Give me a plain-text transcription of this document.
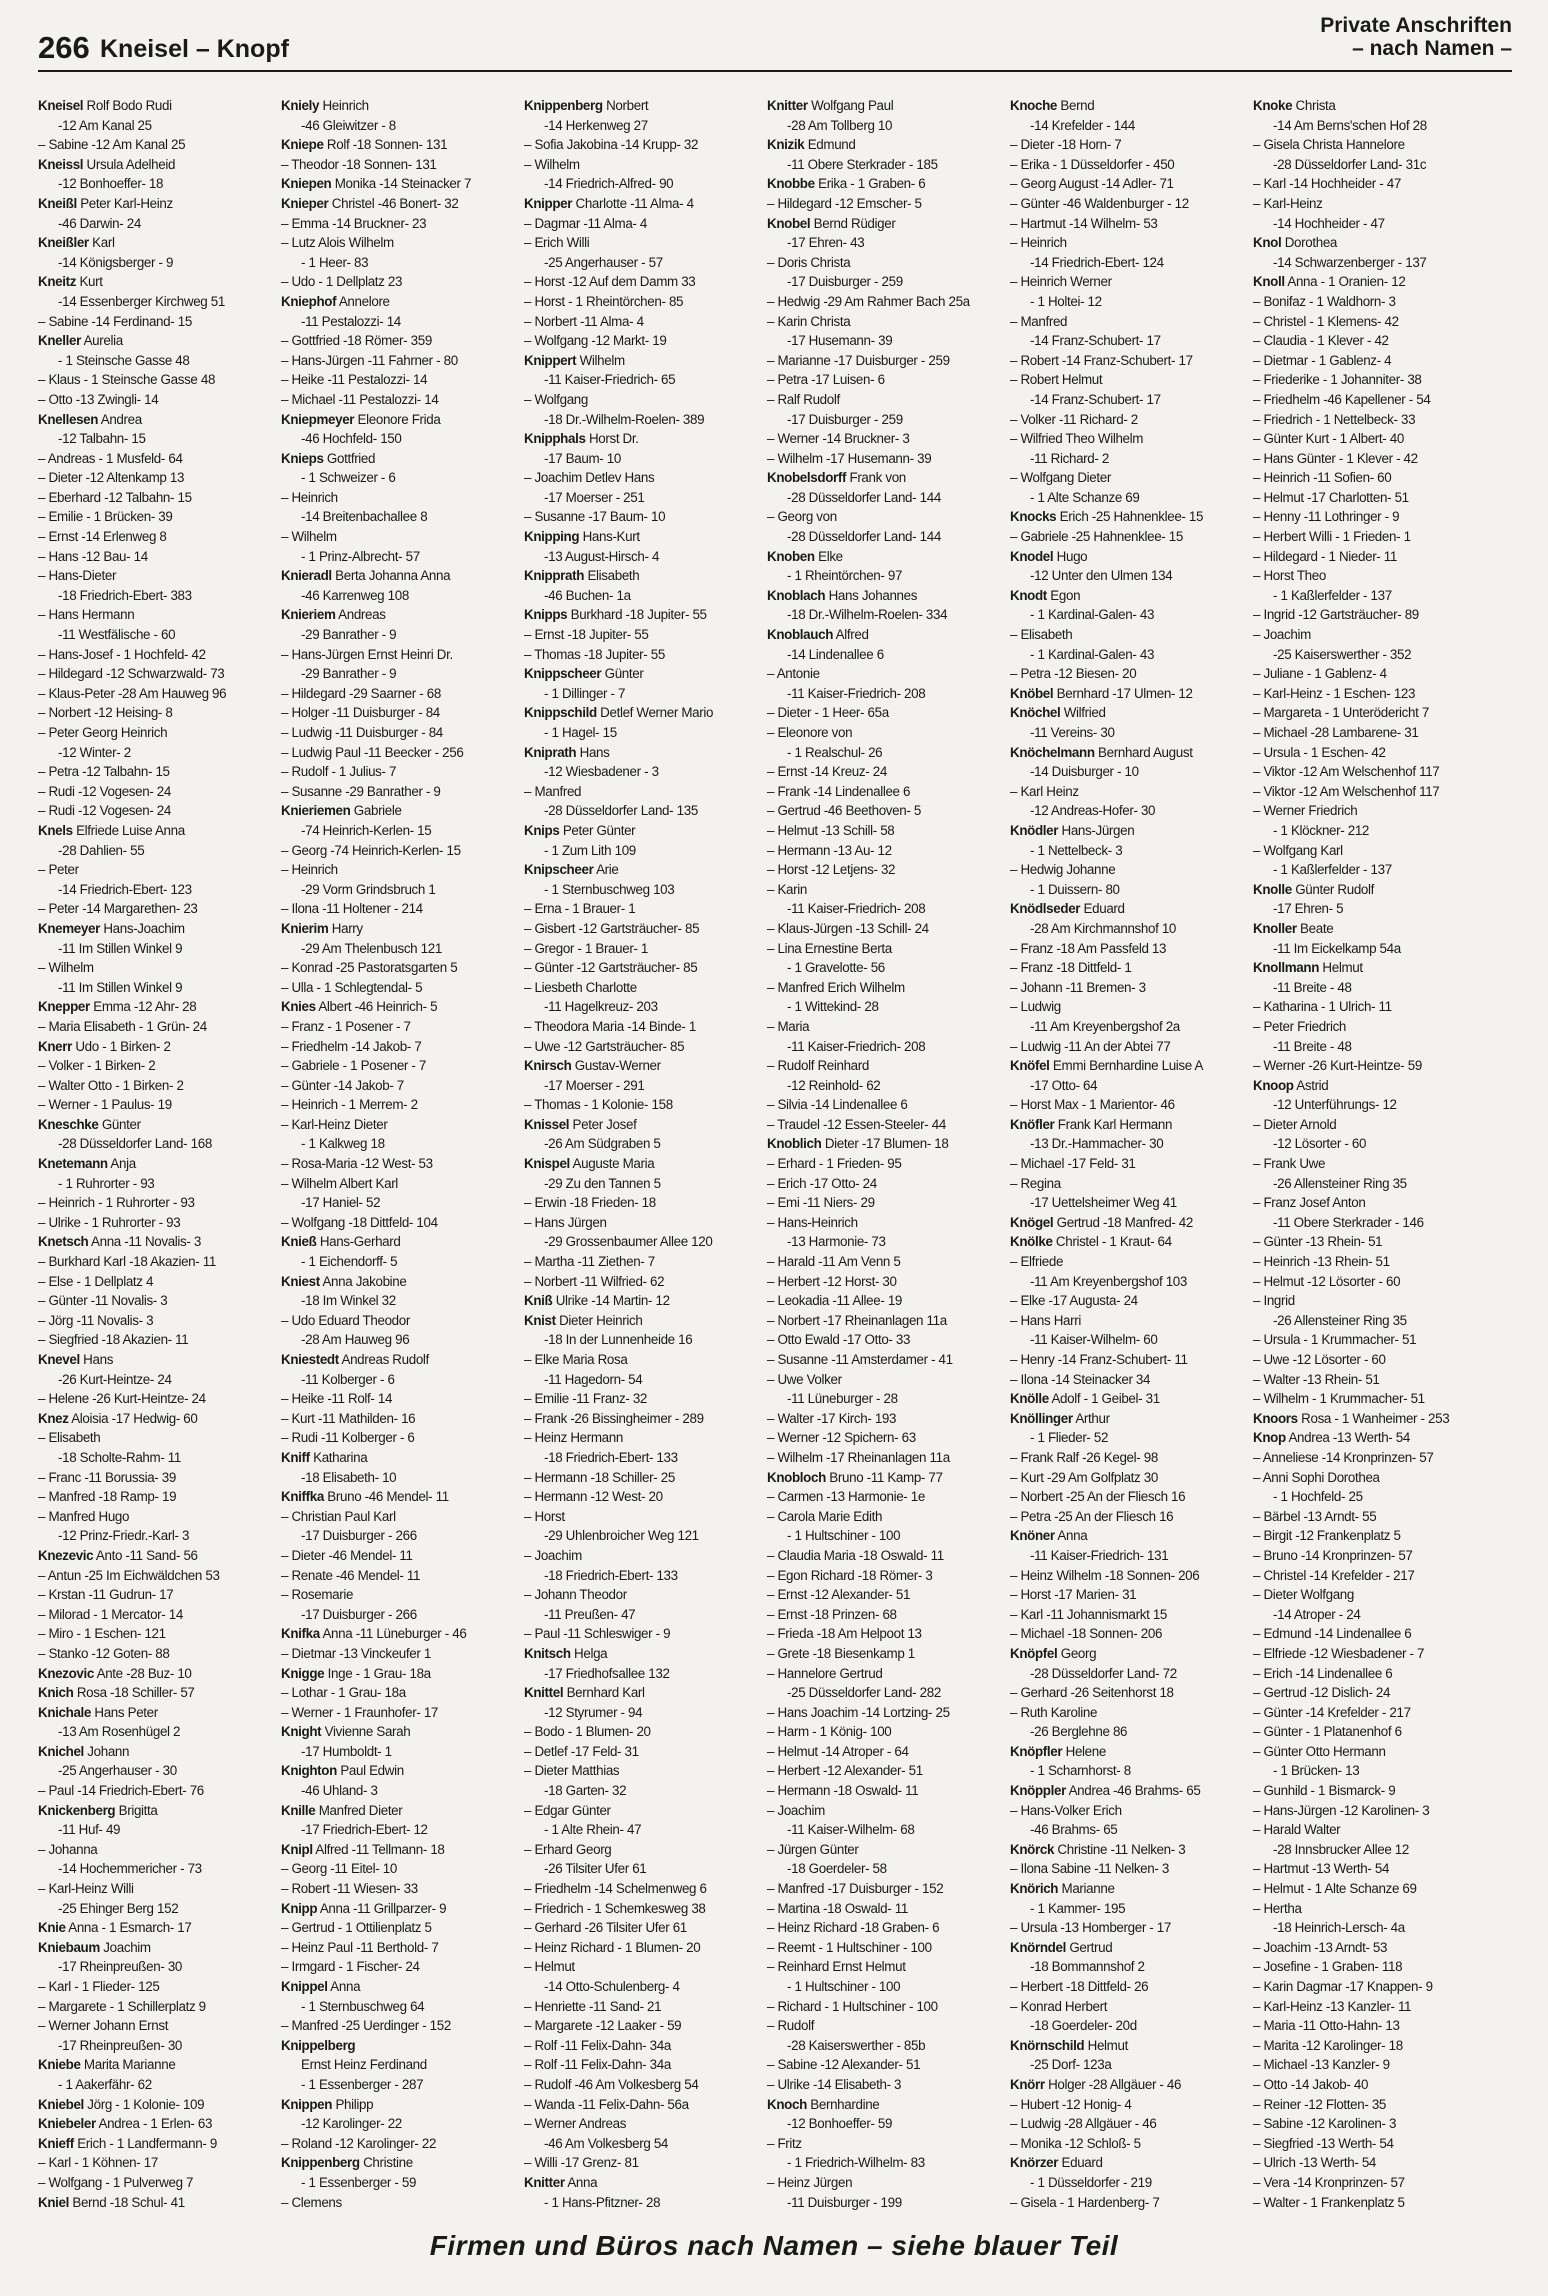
266 Kneisel – Knopf
Private Anschriften
– nach Namen –
Kneisel Rolf Bodo Rudi
-12 Am Kanal 25
– Sabine -12 Am Kanal 25
Kneissl Ursula Adelheid
-12 Bonhoeffer- 18
Kneißl Peter Karl-Heinz
-46 Darwin- 24
Kneißler Karl
-14 Königsberger - 9
Kneitz Kurt
-14 Essenberger Kirchweg 51
– Sabine -14 Ferdinand- 15
Kneller Aurelia
- 1 Steinsche Gasse 48
– Klaus - 1 Steinsche Gasse 48
– Otto -13 Zwingli- 14
Knellesen Andrea
-12 Talbahn- 15
– Andreas - 1 Musfeld- 64
– Dieter -12 Altenkamp 13
– Eberhard -12 Talbahn- 15
– Emilie - 1 Brücken- 39
– Ernst -14 Erlenweg 8
– Hans -12 Bau- 14
– Hans-Dieter
-18 Friedrich-Ebert- 383
– Hans Hermann
-11 Westfälische - 60
– Hans-Josef - 1 Hochfeld- 42
– Hildegard -12 Schwarzwald- 73
– Klaus-Peter -28 Am Hauweg 96
– Norbert -12 Heising- 8
– Peter Georg Heinrich
-12 Winter- 2
– Petra -12 Talbahn- 15
– Rudi -12 Vogesen- 24
– Rudi -12 Vogesen- 24
Knels Elfriede Luise Anna
-28 Dahlien- 55
– Peter
-14 Friedrich-Ebert- 123
– Peter -14 Margarethen- 23
Knemeyer Hans-Joachim
-11 Im Stillen Winkel 9
– Wilhelm
-11 Im Stillen Winkel 9
Knepper Emma -12 Ahr- 28
– Maria Elisabeth - 1 Grün- 24
Knerr Udo - 1 Birken- 2
– Volker - 1 Birken- 2
– Walter Otto - 1 Birken- 2
– Werner - 1 Paulus- 19
Kneschke Günter
-28 Düsseldorfer Land- 168
Knetemann Anja
- 1 Ruhrorter - 93
– Heinrich - 1 Ruhrorter - 93
– Ulrike - 1 Ruhrorter - 93
Knetsch Anna -11 Novalis- 3
– Burkhard Karl -18 Akazien- 11
– Else - 1 Dellplatz 4
– Günter -11 Novalis- 3
– Jörg -11 Novalis- 3
– Siegfried -18 Akazien- 11
Knevel Hans
-26 Kurt-Heintze- 24
– Helene -26 Kurt-Heintze- 24
Knez Aloisia -17 Hedwig- 60
– Elisabeth
-18 Scholte-Rahm- 11
– Franc -11 Borussia- 39
– Manfred -18 Ramp- 19
– Manfred Hugo
-12 Prinz-Friedr.-Karl- 3
Knezevic Anto -11 Sand- 56
– Antun -25 Im Eichwäldchen 53
– Krstan -11 Gudrun- 17
– Milorad - 1 Mercator- 14
– Miro - 1 Eschen- 121
– Stanko -12 Goten- 88
Knezovic Ante -28 Buz- 10
Knich Rosa -18 Schiller- 57
Knichale Hans Peter
-13 Am Rosenhügel 2
Knichel Johann
-25 Angerhauser - 30
– Paul -14 Friedrich-Ebert- 76
Knickenberg Brigitta
-11 Huf- 49
– Johanna
-14 Hochemmericher - 73
– Karl-Heinz Willi
-25 Ehinger Berg 152
Knie Anna - 1 Esmarch- 17
Kniebaum Joachim
-17 Rheinpreußen- 30
– Karl - 1 Flieder- 125
– Margarete - 1 Schillerplatz 9
– Werner Johann Ernst
-17 Rheinpreußen- 30
Kniebe Marita Marianne
- 1 Aakerfähr- 62
Kniebel Jörg - 1 Kolonie- 109
Kniebeler Andrea - 1 Erlen- 63
Knieff Erich - 1 Landfermann- 9
– Karl - 1 Köhnen- 17
– Wolfgang - 1 Pulverweg 7
Kniel Bernd -18 Schul- 41
Kniely Heinrich
-46 Gleiwitzer - 8
Kniepe Rolf -18 Sonnen- 131
– Theodor -18 Sonnen- 131
Kniepen Monika -14 Steinacker 7
Knieper Christel -46 Bonert- 32
– Emma -14 Bruckner- 23
– Lutz Alois Wilhelm
- 1 Heer- 83
– Udo - 1 Dellplatz 23
Kniephof Annelore
-11 Pestalozzi- 14
– Gottfried -18 Römer- 359
– Hans-Jürgen -11 Fahrner - 80
– Heike -11 Pestalozzi- 14
– Michael -11 Pestalozzi- 14
Kniepmeyer Eleonore Frida
-46 Hochfeld- 150
Knieps Gottfried
- 1 Schweizer - 6
– Heinrich
-14 Breitenbachallee 8
– Wilhelm
- 1 Prinz-Albrecht- 57
Knieradl Berta Johanna Anna
-46 Karrenweg 108
Knieriem Andreas
-29 Banrather - 9
– Hans-Jürgen Ernst Heinri Dr.
-29 Banrather - 9
– Hildegard -29 Saarner - 68
– Holger -11 Duisburger - 84
– Ludwig -11 Duisburger - 84
– Ludwig Paul -11 Beecker - 256
– Rudolf - 1 Julius- 7
– Susanne -29 Banrather - 9
Knieriemen Gabriele
-74 Heinrich-Kerlen- 15
– Georg -74 Heinrich-Kerlen- 15
– Heinrich
-29 Vorm Grindsbruch 1
– Ilona -11 Holtener - 214
Knierim Harry
-29 Am Thelenbusch 121
– Konrad -25 Pastoratsgarten 5
– Ulla - 1 Schlegtendal- 5
Knies Albert -46 Heinrich- 5
– Franz - 1 Posener - 7
– Friedhelm -14 Jakob- 7
– Gabriele - 1 Posener - 7
– Günter -14 Jakob- 7
– Heinrich - 1 Merrem- 2
– Karl-Heinz Dieter
- 1 Kalkweg 18
– Rosa-Maria -12 West- 53
– Wilhelm Albert Karl
-17 Haniel- 52
– Wolfgang -18 Dittfeld- 104
Knieß Hans-Gerhard
- 1 Eichendorff- 5
Kniest Anna Jakobine
-18 Im Winkel 32
– Udo Eduard Theodor
-28 Am Hauweg 96
Kniestedt Andreas Rudolf
-11 Kolberger - 6
– Heike -11 Rolf- 14
– Kurt -11 Mathilden- 16
– Rudi -11 Kolberger - 6
Kniff Katharina
-18 Elisabeth- 10
Kniffka Bruno -46 Mendel- 11
– Christian Paul Karl
-17 Duisburger - 266
– Dieter -46 Mendel- 11
– Renate -46 Mendel- 11
– Rosemarie
-17 Duisburger - 266
Knifka Anna -11 Lüneburger - 46
– Dietmar -13 Vinckeufer 1
Knigge Inge - 1 Grau- 18a
– Lothar - 1 Grau- 18a
– Werner - 1 Fraunhofer- 17
Knight Vivienne Sarah
-17 Humboldt- 1
Knighton Paul Edwin
-46 Uhland- 3
Knille Manfred Dieter
-17 Friedrich-Ebert- 12
Knipl Alfred -11 Tellmann- 18
– Georg -11 Eitel- 10
– Robert -11 Wiesen- 33
Knipp Anna -11 Grillparzer- 9
– Gertrud - 1 Ottilienplatz 5
– Heinz Paul -11 Berthold- 7
– Irmgard - 1 Fischer- 24
Knippel Anna
- 1 Sternbuschweg 64
– Manfred -25 Uerdinger - 152
Knippelberg
Ernst Heinz Ferdinand
- 1 Essenberger - 287
Knippen Philipp
-12 Karolinger- 22
– Roland -12 Karolinger- 22
Knippenberg Christine
- 1 Essenberger - 59
– Clemens
Knippenberg Norbert
-14 Herkenweg 27
– Sofia Jakobina -14 Krupp- 32
– Wilhelm
-14 Friedrich-Alfred- 90
Knipper Charlotte -11 Alma- 4
– Dagmar -11 Alma- 4
– Erich Willi
-25 Angerhauser - 57
– Horst -12 Auf dem Damm 33
– Horst - 1 Rheintörchen- 85
– Norbert -11 Alma- 4
– Wolfgang -12 Markt- 19
Knippert Wilhelm
-11 Kaiser-Friedrich- 65
– Wolfgang
-18 Dr.-Wilhelm-Roelen- 389
Knipphals Horst Dr.
-17 Baum- 10
– Joachim Detlev Hans
-17 Moerser - 251
– Susanne -17 Baum- 10
Knipping Hans-Kurt
-13 August-Hirsch- 4
Knipprath Elisabeth
-46 Buchen- 1a
Knipps Burkhard -18 Jupiter- 55
– Ernst -18 Jupiter- 55
– Thomas -18 Jupiter- 55
Knippscheer Günter
- 1 Dillinger - 7
Knippschild Detlef Werner Mario
- 1 Hagel- 15
Kniprath Hans
-12 Wiesbadener - 3
– Manfred
-28 Düsseldorfer Land- 135
Knips Peter Günter
- 1 Zum Lith 109
Knipscheer Arie
- 1 Sternbuschweg 103
– Erna - 1 Brauer- 1
– Gisbert -12 Gartsträucher- 85
– Gregor - 1 Brauer- 1
– Günter -12 Gartsträucher- 85
– Liesbeth Charlotte
-11 Hagelkreuz- 203
– Theodora Maria -14 Binde- 1
– Uwe -12 Gartsträucher- 85
Knirsch Gustav-Werner
-17 Moerser - 291
– Thomas - 1 Kolonie- 158
Knissel Peter Josef
-26 Am Südgraben 5
Knispel Auguste Maria
-29 Zu den Tannen 5
– Erwin -18 Frieden- 18
– Hans Jürgen
-29 Grossenbaumer Allee 120
– Martha -11 Ziethen- 7
– Norbert -11 Wilfried- 62
Kniß Ulrike -14 Martin- 12
Knist Dieter Heinrich
-18 In der Lunnenheide 16
– Elke Maria Rosa
-11 Hagedorn- 54
– Emilie -11 Franz- 32
– Frank -26 Bissingheimer - 289
– Heinz Hermann
-18 Friedrich-Ebert- 133
– Hermann -18 Schiller- 25
– Hermann -12 West- 20
– Horst
-29 Uhlenbroicher Weg 121
– Joachim
-18 Friedrich-Ebert- 133
– Johann Theodor
-11 Preußen- 47
– Paul -11 Schleswiger - 9
Knitsch Helga
-17 Friedhofsallee 132
Knittel Bernhard Karl
-12 Styrumer - 94
– Bodo - 1 Blumen- 20
– Detlef -17 Feld- 31
– Dieter Matthias
-18 Garten- 32
– Edgar Günter
- 1 Alte Rhein- 47
– Erhard Georg
-26 Tilsiter Ufer 61
– Friedhelm -14 Schelmenweg 6
– Friedrich - 1 Schemkesweg 38
– Gerhard -26 Tilsiter Ufer 61
– Heinz Richard - 1 Blumen- 20
– Helmut
-14 Otto-Schulenberg- 4
– Henriette -11 Sand- 21
– Margarete -12 Laaker - 59
– Rolf -11 Felix-Dahn- 34a
– Rolf -11 Felix-Dahn- 34a
– Rudolf -46 Am Volkesberg 54
– Wanda -11 Felix-Dahn- 56a
– Werner Andreas
-46 Am Volkesberg 54
– Willi -17 Grenz- 81
Knitter Anna
- 1 Hans-Pfitzner- 28
Knitter Wolfgang Paul
-28 Am Tollberg 10
Knizik Edmund
-11 Obere Sterkrader - 185
Knobbe Erika - 1 Graben- 6
– Hildegard -12 Emscher- 5
Knobel Bernd Rüdiger
-17 Ehren- 43
– Doris Christa
-17 Duisburger - 259
– Hedwig -29 Am Rahmer Bach 25a
– Karin Christa
-17 Husemann- 39
– Marianne -17 Duisburger - 259
– Petra -17 Luisen- 6
– Ralf Rudolf
-17 Duisburger - 259
– Werner -14 Bruckner- 3
– Wilhelm -17 Husemann- 39
Knobelsdorff Frank von
-28 Düsseldorfer Land- 144
– Georg von
-28 Düsseldorfer Land- 144
Knoben Elke
- 1 Rheintörchen- 97
Knoblach Hans Johannes
-18 Dr.-Wilhelm-Roelen- 334
Knoblauch Alfred
-14 Lindenallee 6
– Antonie
-11 Kaiser-Friedrich- 208
– Dieter - 1 Heer- 65a
– Eleonore von
- 1 Realschul- 26
– Ernst -14 Kreuz- 24
– Frank -14 Lindenallee 6
– Gertrud -46 Beethoven- 5
– Helmut -13 Schill- 58
– Hermann -13 Au- 12
– Horst -12 Letjens- 32
– Karin
-11 Kaiser-Friedrich- 208
– Klaus-Jürgen -13 Schill- 24
– Lina Ernestine Berta
- 1 Gravelotte- 56
– Manfred Erich Wilhelm
- 1 Wittekind- 28
– Maria
-11 Kaiser-Friedrich- 208
– Rudolf Reinhard
-12 Reinhold- 62
– Silvia -14 Lindenallee 6
– Traudel -12 Essen-Steeler- 44
Knoblich Dieter -17 Blumen- 18
– Erhard - 1 Frieden- 95
– Erich -17 Otto- 24
– Emi -11 Niers- 29
– Hans-Heinrich
-13 Harmonie- 73
– Harald -11 Am Venn 5
– Herbert -12 Horst- 30
– Leokadia -11 Allee- 19
– Norbert -17 Rheinanlagen 11a
– Otto Ewald -17 Otto- 33
– Susanne -11 Amsterdamer - 41
– Uwe Volker
-11 Lüneburger - 28
– Walter -17 Kirch- 193
– Werner -12 Spichern- 63
– Wilhelm -17 Rheinanlagen 11a
Knobloch Bruno -11 Kamp- 77
– Carmen -13 Harmonie- 1e
– Carola Marie Edith
- 1 Hultschiner - 100
– Claudia Maria -18 Oswald- 11
– Egon Richard -18 Römer- 3
– Ernst -12 Alexander- 51
– Ernst -18 Prinzen- 68
– Frieda -18 Am Helpoot 13
– Grete -18 Biesenkamp 1
– Hannelore Gertrud
-25 Düsseldorfer Land- 282
– Hans Joachim -14 Lortzing- 25
– Harm - 1 König- 100
– Helmut -14 Atroper - 64
– Herbert -12 Alexander- 51
– Hermann -18 Oswald- 11
– Joachim
-11 Kaiser-Wilhelm- 68
– Jürgen Günter
-18 Goerdeler- 58
– Manfred -17 Duisburger - 152
– Martina -18 Oswald- 11
– Heinz Richard -18 Graben- 6
– Reemt - 1 Hultschiner - 100
– Reinhard Ernst Helmut
- 1 Hultschiner - 100
– Richard - 1 Hultschiner - 100
– Rudolf
-28 Kaiserswerther - 85b
– Sabine -12 Alexander- 51
– Ulrike -14 Elisabeth- 3
Knoch Bernhardine
-12 Bonhoeffer- 59
– Fritz
- 1 Friedrich-Wilhelm- 83
– Heinz Jürgen
-11 Duisburger - 199
Knoche Bernd
-14 Krefelder - 144
– Dieter -18 Horn- 7
– Erika - 1 Düsseldorfer - 450
– Georg August -14 Adler- 71
– Günter -46 Waldenburger - 12
– Hartmut -14 Wilhelm- 53
– Heinrich
-14 Friedrich-Ebert- 124
– Heinrich Werner
- 1 Holtei- 12
– Manfred
-14 Franz-Schubert- 17
– Robert -14 Franz-Schubert- 17
– Robert Helmut
-14 Franz-Schubert- 17
– Volker -11 Richard- 2
– Wilfried Theo Wilhelm
-11 Richard- 2
– Wolfgang Dieter
- 1 Alte Schanze 69
Knocks Erich -25 Hahnenklee- 15
– Gabriele -25 Hahnenklee- 15
Knodel Hugo
-12 Unter den Ulmen 134
Knodt Egon
- 1 Kardinal-Galen- 43
– Elisabeth
- 1 Kardinal-Galen- 43
– Petra -12 Biesen- 20
Knöbel Bernhard -17 Ulmen- 12
Knöchel Wilfried
-11 Vereins- 30
Knöchelmann Bernhard August
-14 Duisburger - 10
– Karl Heinz
-12 Andreas-Hofer- 30
Knödler Hans-Jürgen
- 1 Nettelbeck- 3
– Hedwig Johanne
- 1 Duissern- 80
Knödlseder Eduard
-28 Am Kirchmannshof 10
– Franz -18 Am Passfeld 13
– Franz -18 Dittfeld- 1
– Johann -11 Bremen- 3
– Ludwig
-11 Am Kreyenbergshof 2a
– Ludwig -11 An der Abtei 77
Knöfel Emmi Bernhardine Luise A
-17 Otto- 64
– Horst Max - 1 Marientor- 46
Knöfler Frank Karl Hermann
-13 Dr.-Hammacher- 30
– Michael -17 Feld- 31
– Regina
-17 Uettelsheimer Weg 41
Knögel Gertrud -18 Manfred- 42
Knölke Christel - 1 Kraut- 64
– Elfriede
-11 Am Kreyenbergshof 103
– Elke -17 Augusta- 24
– Hans Harri
-11 Kaiser-Wilhelm- 60
– Henry -14 Franz-Schubert- 11
– Ilona -14 Steinacker 34
Knölle Adolf - 1 Geibel- 31
Knöllinger Arthur
- 1 Flieder- 52
– Frank Ralf -26 Kegel- 98
– Kurt -29 Am Golfplatz 30
– Norbert -25 An der Fliesch 16
– Petra -25 An der Fliesch 16
Knöner Anna
-11 Kaiser-Friedrich- 131
– Heinz Wilhelm -18 Sonnen- 206
– Horst -17 Marien- 31
– Karl -11 Johannismarkt 15
– Michael -18 Sonnen- 206
Knöpfel Georg
-28 Düsseldorfer Land- 72
– Gerhard -26 Seitenhorst 18
– Ruth Karoline
-26 Berglehne 86
Knöpfler Helene
- 1 Scharnhorst- 8
Knöppler Andrea -46 Brahms- 65
– Hans-Volker Erich
-46 Brahms- 65
Knörck Christine -11 Nelken- 3
– Ilona Sabine -11 Nelken- 3
Knörich Marianne
- 1 Kammer- 195
– Ursula -13 Homberger - 17
Knörndel Gertrud
-18 Bommannshof 2
– Herbert -18 Dittfeld- 26
– Konrad Herbert
-18 Goerdeler- 20d
Knörnschild Helmut
-25 Dorf- 123a
Knörr Holger -28 Allgäuer - 46
– Hubert -12 Honig- 4
– Ludwig -28 Allgäuer - 46
– Monika -12 Schloß- 5
Knörzer Eduard
- 1 Düsseldorfer - 219
– Gisela - 1 Hardenberg- 7
Knoke Christa
-14 Am Berns'schen Hof 28
– Gisela Christa Hannelore
-28 Düsseldorfer Land- 31c
– Karl -14 Hochheider - 47
– Karl-Heinz
-14 Hochheider - 47
Knol Dorothea
-14 Schwarzenberger - 137
Knoll Anna - 1 Oranien- 12
– Bonifaz - 1 Waldhorn- 3
– Christel - 1 Klemens- 42
– Claudia - 1 Klever - 42
– Dietmar - 1 Gablenz- 4
– Friederike - 1 Johanniter- 38
– Friedhelm -46 Kapellener - 54
– Friedrich - 1 Nettelbeck- 33
– Günter Kurt - 1 Albert- 40
– Hans Günter - 1 Klever - 42
– Heinrich -11 Sofien- 60
– Helmut -17 Charlotten- 51
– Henny -11 Lothringer - 9
– Herbert Willi - 1 Frieden- 1
– Hildegard - 1 Nieder- 11
– Horst Theo
- 1 Kaßlerfelder - 137
– Ingrid -12 Gartsträucher- 89
– Joachim
-25 Kaiserswerther - 352
– Juliane - 1 Gablenz- 4
– Karl-Heinz - 1 Eschen- 123
– Margareta - 1 Unterödericht 7
– Michael -28 Lambarene- 31
– Ursula - 1 Eschen- 42
– Viktor -12 Am Welschenhof 117
– Viktor -12 Am Welschenhof 117
– Werner Friedrich
- 1 Klöckner- 212
– Wolfgang Karl
- 1 Kaßlerfelder - 137
Knolle Günter Rudolf
-17 Ehren- 5
Knoller Beate
-11 Im Eickelkamp 54a
Knollmann Helmut
-11 Breite - 48
– Katharina - 1 Ulrich- 11
– Peter Friedrich
-11 Breite - 48
– Werner -26 Kurt-Heintze- 59
Knoop Astrid
-12 Unterführungs- 12
– Dieter Arnold
-12 Lösorter - 60
– Frank Uwe
-26 Allensteiner Ring 35
– Franz Josef Anton
-11 Obere Sterkrader - 146
– Günter -13 Rhein- 51
– Heinrich -13 Rhein- 51
– Helmut -12 Lösorter - 60
– Ingrid
-26 Allensteiner Ring 35
– Ursula - 1 Krummacher- 51
– Uwe -12 Lösorter - 60
– Walter -13 Rhein- 51
– Wilhelm - 1 Krummacher- 51
Knoors Rosa - 1 Wanheimer - 253
Knop Andrea -13 Werth- 54
– Anneliese -14 Kronprinzen- 57
– Anni Sophi Dorothea
- 1 Hochfeld- 25
– Bärbel -13 Arndt- 55
– Birgit -12 Frankenplatz 5
– Bruno -14 Kronprinzen- 57
– Christel -14 Krefelder - 217
– Dieter Wolfgang
-14 Atroper - 24
– Edmund -14 Lindenallee 6
– Elfriede -12 Wiesbadener - 7
– Erich -14 Lindenallee 6
– Gertrud -12 Dislich- 24
– Günter -14 Krefelder - 217
– Günter - 1 Platanenhof 6
– Günter Otto Hermann
- 1 Brücken- 13
– Gunhild - 1 Bismarck- 9
– Hans-Jürgen -12 Karolinen- 3
– Harald Walter
-28 Innsbrucker Allee 12
– Hartmut -13 Werth- 54
– Helmut - 1 Alte Schanze 69
– Hertha
-18 Heinrich-Lersch- 4a
– Joachim -13 Arndt- 53
– Josefine - 1 Graben- 118
– Karin Dagmar -17 Knappen- 9
– Karl-Heinz -13 Kanzler- 11
– Maria -11 Otto-Hahn- 13
– Marita -12 Karolinger- 18
– Michael -13 Kanzler- 9
– Otto -14 Jakob- 40
– Reiner -12 Flotten- 35
– Sabine -12 Karolinen- 3
– Siegfried -13 Werth- 54
– Ulrich -13 Werth- 54
– Vera -14 Kronprinzen- 57
– Walter - 1 Frankenplatz 5
Firmen und Büros nach Namen – siehe blauer Teil
